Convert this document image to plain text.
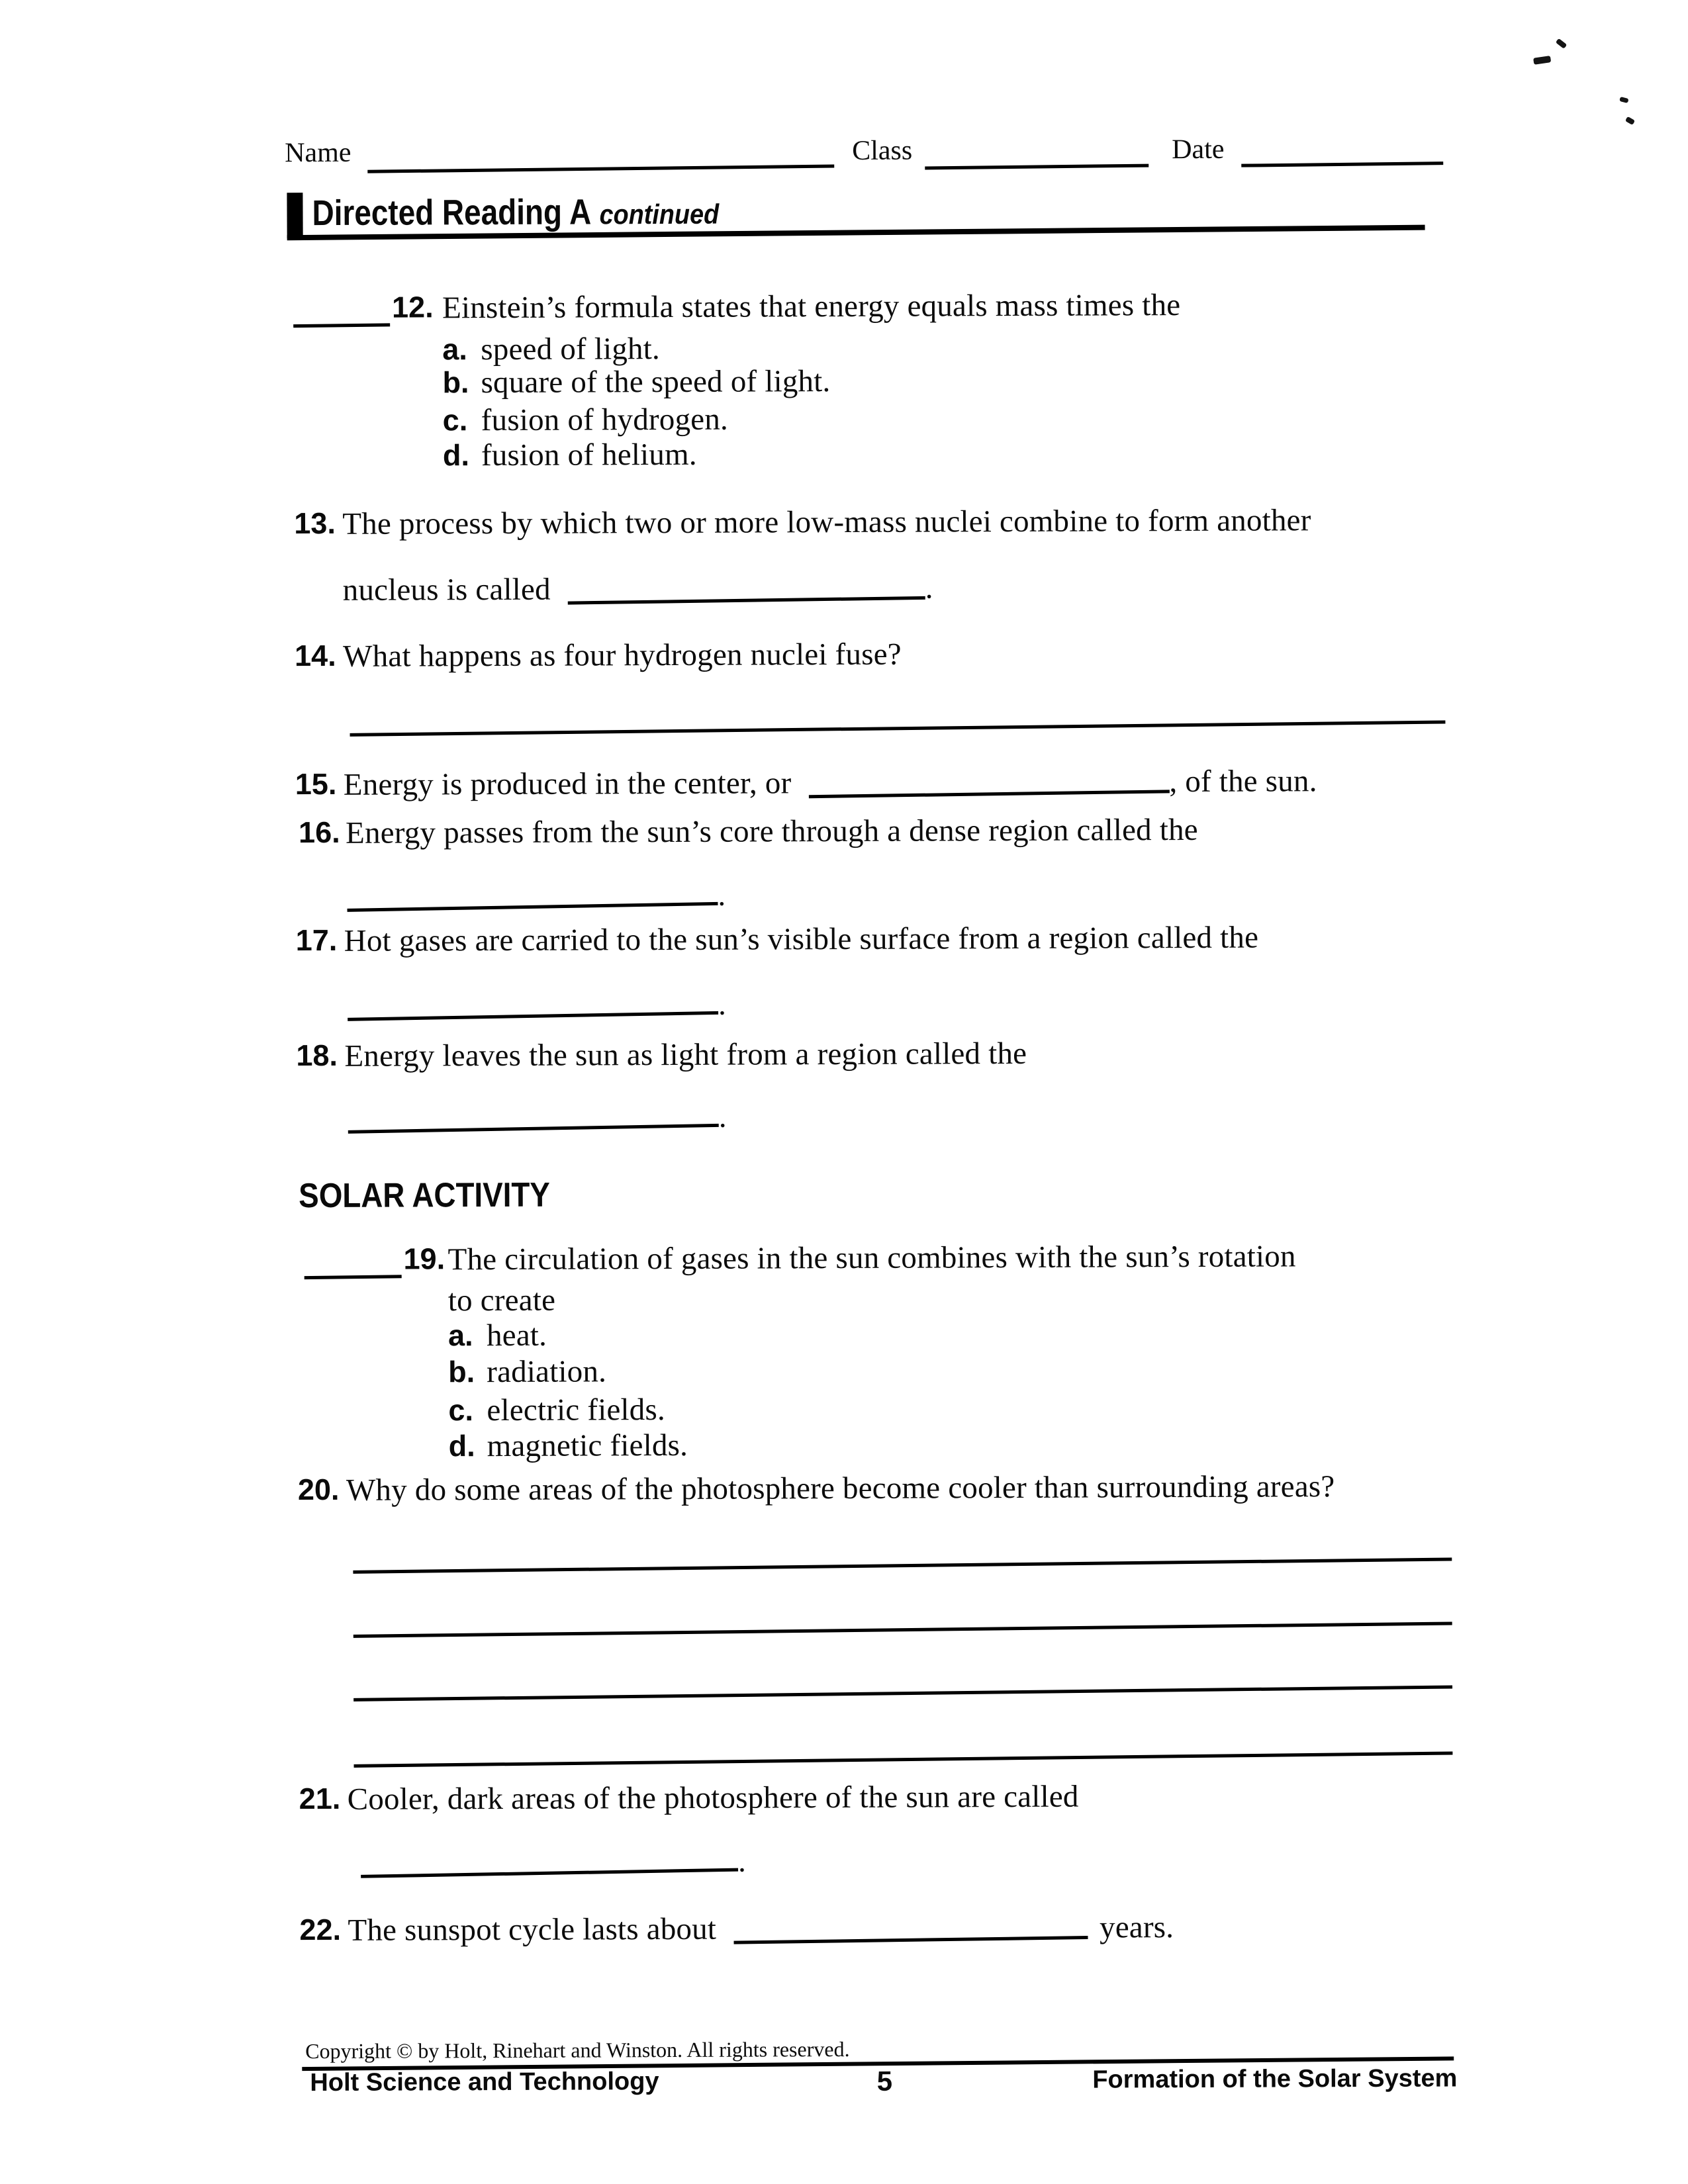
Name	Class	Date
Directed Reading A continued
12. Einstein’s formula states that energy equals mass times the
a. speed of light.
b. square of the speed of light.
c. fusion of hydrogen.
d. fusion of helium.
13. The process by which two or more low-mass nuclei combine to form another
nucleus is called	.
14. What happens as four hydrogen nuclei fuse?
15. Energy is produced in the center, or	, of the sun.
16. Energy passes from the sun’s core through a dense region called the
.
17. Hot gases are carried to the sun’s visible surface from a region called the
.
18. Energy leaves the sun as light from a region called the
.
SOLAR ACTIVITY
19. The circulation of gases in the sun combines with the sun’s rotation
to create
a. heat.
b. radiation.
c. electric fields.
d. magnetic fields.
20. Why do some areas of the photosphere become cooler than surrounding areas?
21. Cooler, dark areas of the photosphere of the sun are called
.
22. The sunspot cycle lasts about	years.
Copyright © by Holt, Rinehart and Winston. All rights reserved.
Holt Science and Technology	5	Formation of the Solar System
